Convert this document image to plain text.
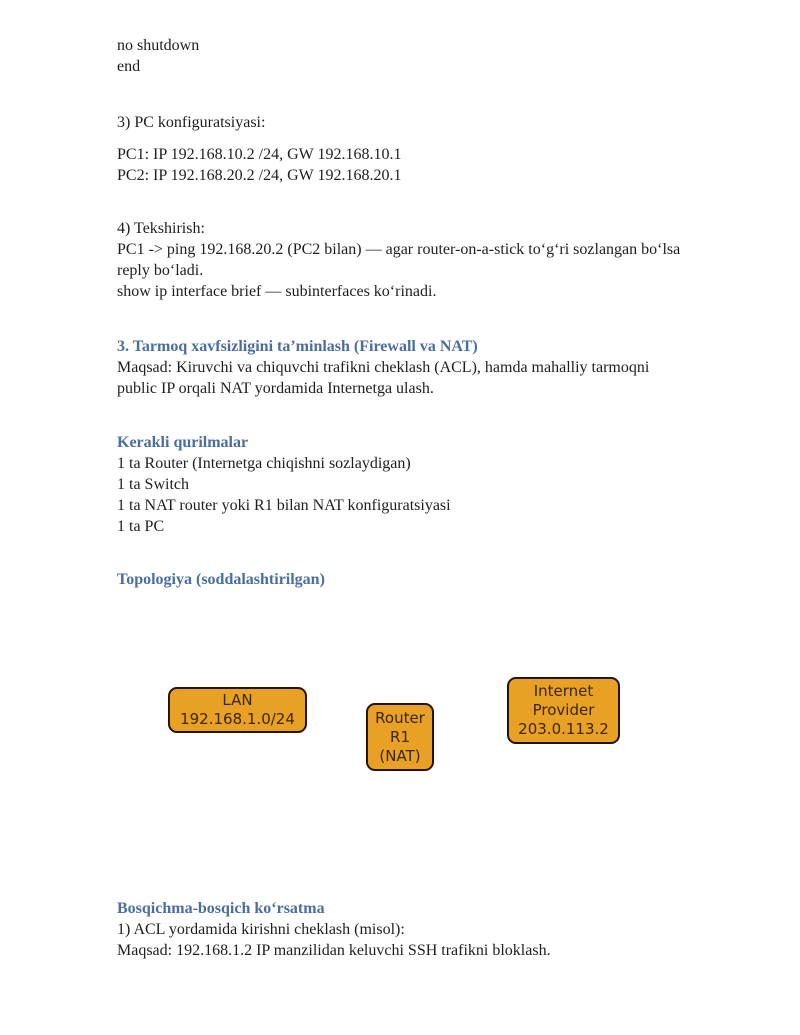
no shutdown
end
3) PC konfiguratsiyasi:
PC1: IP 192.168.10.2 /24, GW 192.168.10.1
PC2: IP 192.168.20.2 /24, GW 192.168.20.1
4) Tekshirish:
PC1 -> ping 192.168.20.2 (PC2 bilan) — agar router-on-a-stick to‘g‘ri sozlangan bo‘lsa
reply bo‘ladi.
show ip interface brief — subinterfaces ko‘rinadi.
3. Tarmoq xavfsizligini ta’minlash (Firewall va NAT)
Maqsad: Kiruvchi va chiquvchi trafikni cheklash (ACL), hamda mahalliy tarmoqni
public IP orqali NAT yordamida Internetga ulash.
Kerakli qurilmalar
1 ta Router (Internetga chiqishni sozlaydigan)
1 ta Switch
1 ta NAT router yoki R1 bilan NAT konfiguratsiyasi
1 ta PC
Topologiya (soddalashtirilgan)
LAN
192.168.1.0/24	Router
R1
(NAT)
Internet
Provider
203.0.113.2
Bosqichma-bosqich ko‘rsatma
1) ACL yordamida kirishni cheklash (misol):
Maqsad: 192.168.1.2 IP manzilidan keluvchi SSH trafikni bloklash.
